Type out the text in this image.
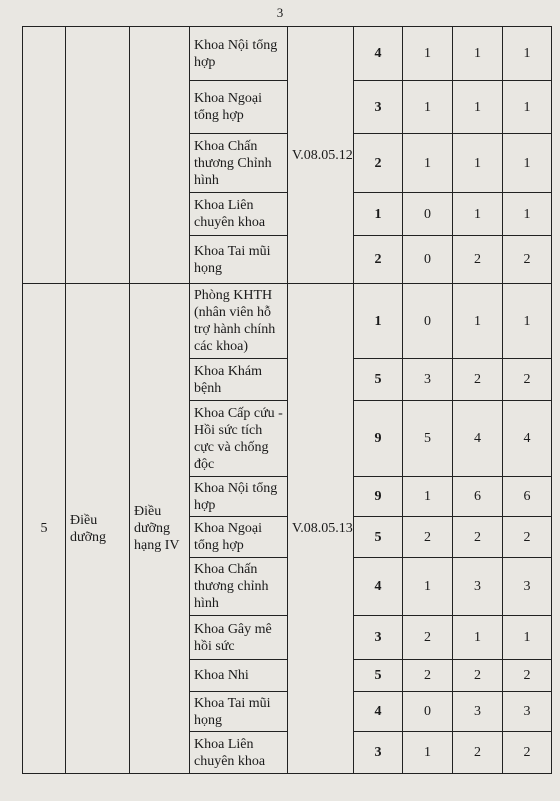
3
			Khoa Nội tổng hợp	V.08.05.12	4	1	1	1
			Khoa Ngoại tổng hợp		3	1	1	1
			Khoa Chấn thương Chỉnh hình		2	1	1	1
			Khoa Liên chuyên khoa		1	0	1	1
			Khoa Tai mũi họng		2	0	2	2
5	Điều dưỡng	Điều dưỡng hạng IV	Phòng KHTH (nhân viên hỗ trợ hành chính các khoa)	V.08.05.13	1	0	1	1
			Khoa Khám bệnh		5	3	2	2
			Khoa Cấp cứu - Hồi sức tích cực và chống độc		9	5	4	4
			Khoa Nội tổng hợp		9	1	6	6
			Khoa Ngoại tổng hợp		5	2	2	2
			Khoa Chấn thương chỉnh hình		4	1	3	3
			Khoa Gây mê hồi sức		3	2	1	1
			Khoa Nhi		5	2	2	2
			Khoa Tai mũi họng		4	0	3	3
			Khoa Liên chuyên khoa		3	1	2	2
